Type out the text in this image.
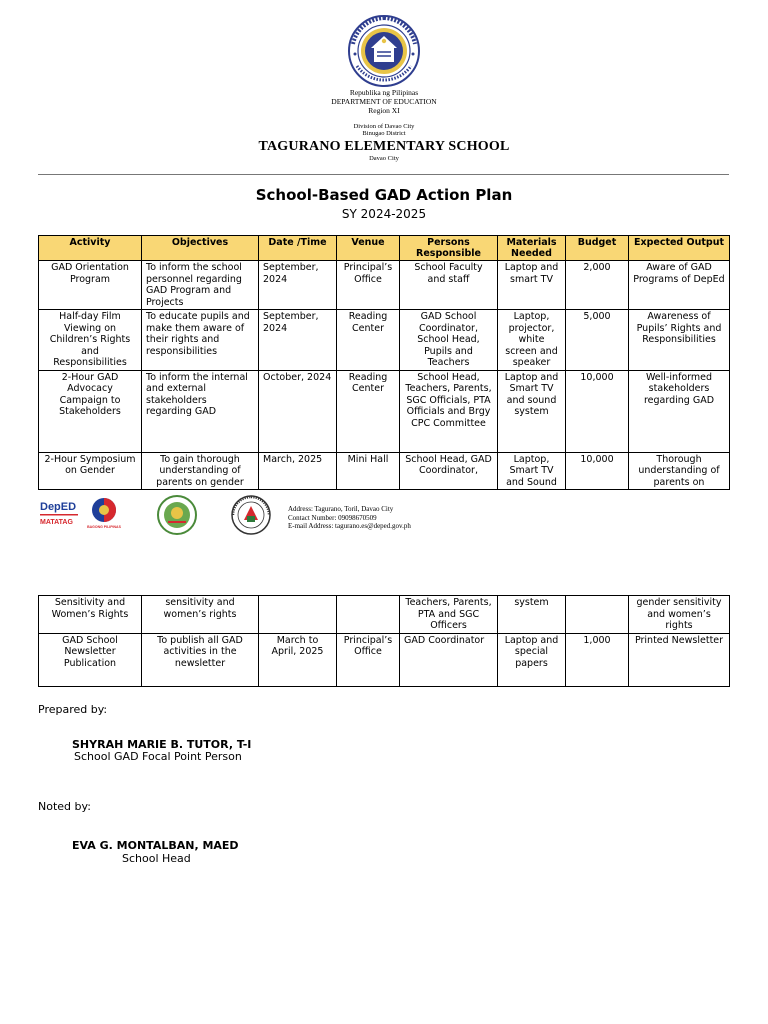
Republika ng Pilipinas
DEPARTMENT OF EDUCATION
Region XI
Division of Davao City
Binugao District
TAGURANO ELEMENTARY SCHOOL
Davao City
School-Based GAD Action Plan
SY 2024-2025
Activity	Objectives	Date /Time	Venue	Persons Responsible	Materials Needed	Budget	Expected Output
GAD Orientation Program	To inform the school personnel regarding GAD Program and Projects	September, 2024	Principal’s Office	School Faculty and staff	Laptop and smart TV	2,000	Aware of GAD Programs of DepEd
Half-day Film Viewing on Children’s Rights and Responsibilities	To educate pupils and make them aware of their rights and responsibilities	September, 2024	Reading Center	GAD School Coordinator, School Head, Pupils and Teachers	Laptop, projector, white screen and speaker	5,000	Awareness of Pupils’ Rights and Responsibilities
2-Hour GAD Advocacy Campaign to Stakeholders	To inform the internal and external stakeholders regarding GAD	October, 2024	Reading Center	School Head, Teachers, Parents, SGC Officials, PTA Officials and Brgy CPC Committee	Laptop and Smart TV and sound system	10,000	Well-informed stakeholders regarding GAD
2-Hour Symposium on Gender	To gain thorough understanding of parents on gender	March, 2025	Mini Hall	School Head, GAD Coordinator,	Laptop, Smart TV and Sound	10,000	Thorough understanding of parents on
DepED
MATATAG
BAGONG PILIPINAS
Address: Tagurano, Toril, Davao City
Contact Number: 09098670509
E-mail Address: tagurano.es@deped.gov.ph
Sensitivity and Women’s Rights	sensitivity and women’s rights			Teachers, Parents, PTA and SGC Officers	system		gender sensitivity and women’s rights
GAD School Newsletter Publication	To publish all GAD activities in the newsletter	March to April, 2025	Principal’s Office	GAD Coordinator	Laptop and special papers	1,000	Printed Newsletter
Prepared by:
SHYRAH MARIE B. TUTOR, T-I
School GAD Focal Point Person
Noted by:
EVA G. MONTALBAN, MAED
School Head
